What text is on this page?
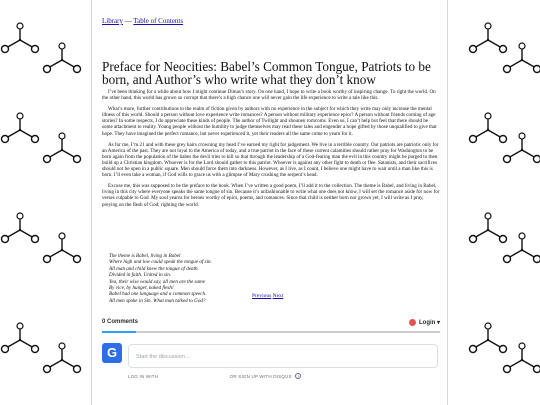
Library — Table of Contents
Preface for Neocities: Babel’s Common Tongue, Patriots to be born, and Author’s who write what they don’t know

I’ve been thinking for a while about how I might continue Dimas’s story. On one hand, I hope to write a book worthy of inspiring change. To right the world. On the other hand, this world has grown so corrupt that there’s a high chance one will never gain the life experience to write a tale like this.

What’s more, further contributions to the realm of fiction given by authors with no experience in the subject for which they write may only increase the mental illness of this world. Should a person without love experience write romances? A person without military experience epics? A person without friends coming of age stories? In some respects, I do appreciate these kinds of people. The author of Twilight and shounen romcoms. Even so, I can’t help but feel that there should be some attachment to reality. Young people without the humility to judge themselves may read these tales and engender a hope gifted by those unqualified to give that hope. They have imagined the perfect romance, but never experienced it, yet their readers all the same come to yearn for it.

As for me, I’m 21 and with these grey hairs crowning my head I’ve earned my right for judgement. We live in a terrible country. Our patriots are patriotic only for an America of the past. They are not loyal to the America of today, and a true patriot in the face of these current calamities should rather pray for Washington to be born again from the population of the babes the devil tries to kill so that through the leadership of a God-fearing man the evil in this country might be purged to then build up a Christian kingdom. Whoever is for the Lord should gather to this patriot. Whoever is against any other fight to death or flee. Satanists, and their sacrifices should not be open in a public square. Men should force them into darkness. However, as I live, as I count, I believe one might have to wait until a man like this is born. I’ll even take a woman, if God wills to grace us with a glimpse of Mary crushing the serpent’s head.

Excuse me, this was supposed to be the preface to the book. When I’ve written a good poem, I’ll add it to the collection. The theme is Babel, and living in Babel, living in this city where everyone speaks the same tongue of sin. Because it’s unfashionable to write what one does not know, I will set the romance aside for now for verses culpable to God. My soul yearns for heroes worthy of epics, poems, and romances. Since that child is neither born nor grown yet, I will write as I pray, preying on the flesh of God; righting the world.

The theme is Babel, living in Babel
Where high and low could speak the tongue of sin.
All man and child knew the tongue of death.
Divided in faith. United in sin.
Yea, their wise would say, all men are the same
By vice, by hunger, naked flesh!
Babel had one language and a common speech.
All men spoke in Sin. What man talked to God?
Previous Next
0 Comments	Login ▾
G	Start the discussion…
LOG IN WITH	OR SIGN UP WITH DISQUS ?
